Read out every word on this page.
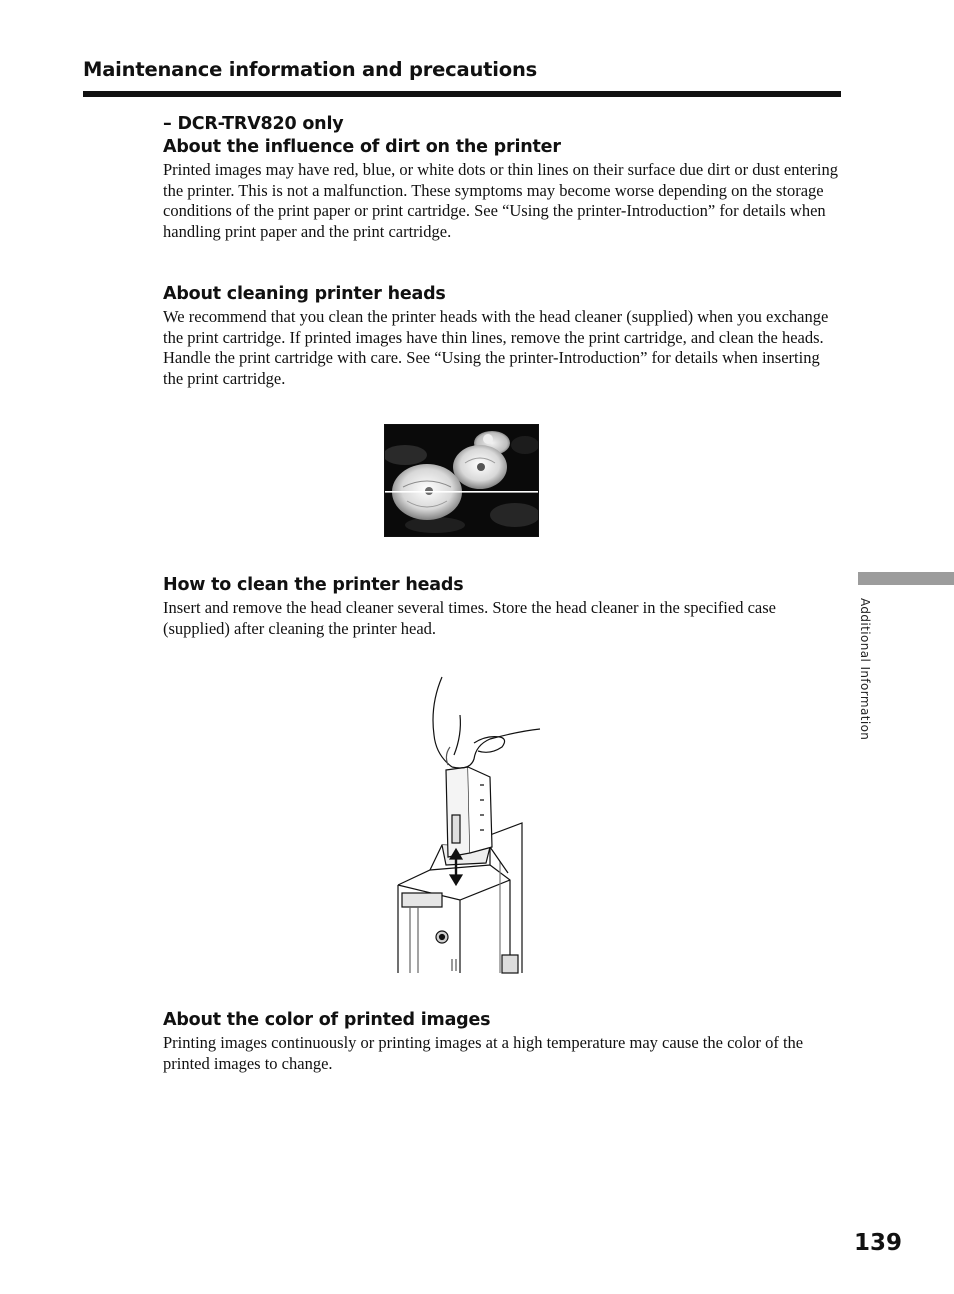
Maintenance information and precautions
Additional Information

– DCR-TRV820 only

About the influence of dirt on the printer

Printed images may have red, blue, or white dots or thin lines on their surface due dirt or dust entering the printer. This is not a malfunction. These symptoms may become worse depending on the storage conditions of the print paper or print cartridge. See “Using the printer-Introduction” for details when handling print paper and the print cartridge.

About cleaning printer heads

We recommend that you clean the printer heads with the head cleaner (supplied) when you exchange the print cartridge. If printed images have thin lines, remove the print cartridge, and clean the heads. Handle the print cartridge with care. See “Using the printer-Introduction” for details when inserting the print cartridge.

How to clean the printer heads

Insert and remove the head cleaner several times. Store the head cleaner in the specified case (supplied) after cleaning the printer head.

About the color of printed images

Printing images continuously or printing images at a high temperature may cause the color of the printed images to change.

139
